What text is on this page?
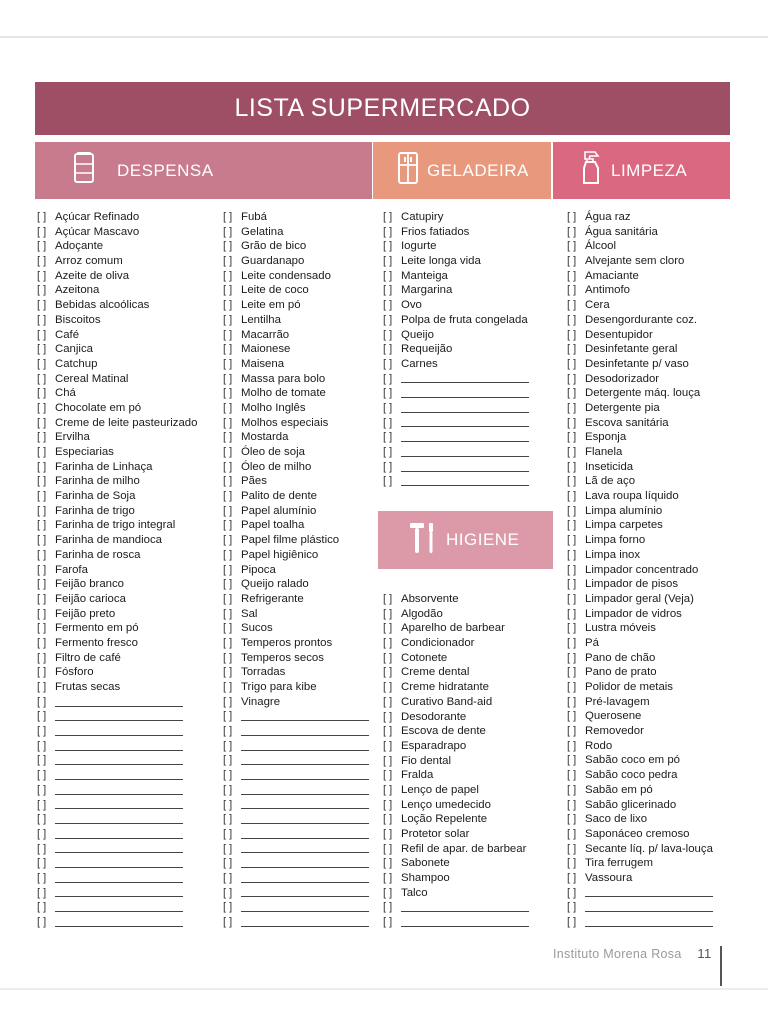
LISTA SUPERMERCADO
DESPENSA	GELADEIRA	LIMPEZA
[ ] Açúcar Refinado
[ ] Açúcar Mascavo
[ ] Adoçante
[ ] Arroz comum
[ ] Azeite de oliva
[ ] Azeitona
[ ] Bebidas alcoólicas
[ ] Biscoitos
[ ] Café
[ ] Canjica
[ ] Catchup
[ ] Cereal Matinal
[ ] Chá
[ ] Chocolate em pó
[ ] Creme de leite pasteurizado
[ ] Ervilha
[ ] Especiarias
[ ] Farinha de Linhaça
[ ] Farinha de milho
[ ] Farinha de Soja
[ ] Farinha de trigo
[ ] Farinha de trigo integral
[ ] Farinha de mandioca
[ ] Farinha de rosca
[ ] Farofa
[ ] Feijão branco
[ ] Feijão carioca
[ ] Feijão preto
[ ] Fermento em pó
[ ] Fermento fresco
[ ] Filtro de café
[ ] Fósforo
[ ] Frutas secas
[ ]
[ ]
[ ]
[ ]
[ ]
[ ]
[ ]
[ ]
[ ]
[ ]
[ ]
[ ]
[ ]
[ ]
[ ]
[ ]
[ ] Fubá
[ ] Gelatina
[ ] Grão de bico
[ ] Guardanapo
[ ] Leite condensado
[ ] Leite de coco
[ ] Leite em pó
[ ] Lentilha
[ ] Macarrão
[ ] Maionese
[ ] Maisena
[ ] Massa para bolo
[ ] Molho de tomate
[ ] Molho Inglês
[ ] Molhos especiais
[ ] Mostarda
[ ] Óleo de soja
[ ] Óleo de milho
[ ] Pães
[ ] Palito de dente
[ ] Papel alumínio
[ ] Papel toalha
[ ] Papel filme plástico
[ ] Papel higiênico
[ ] Pipoca
[ ] Queijo ralado
[ ] Refrigerante
[ ] Sal
[ ] Sucos
[ ] Temperos prontos
[ ] Temperos secos
[ ] Torradas
[ ] Trigo para kibe
[ ] Vinagre
[ ]
[ ]
[ ]
[ ]
[ ]
[ ]
[ ]
[ ]
[ ]
[ ]
[ ]
[ ]
[ ]
[ ]
[ ]
[ ] Catupiry
[ ] Frios fatiados
[ ] Iogurte
[ ] Leite longa vida
[ ] Manteiga
[ ] Margarina
[ ] Ovo
[ ] Polpa de fruta congelada
[ ] Queijo
[ ] Requeijão
[ ] Carnes
[ ]
[ ]
[ ]
[ ]
[ ]
[ ]
[ ]
[ ]
[ ] Água raz
[ ] Água sanitária
[ ] Álcool
[ ] Alvejante sem cloro
[ ] Amaciante
[ ] Antimofo
[ ] Cera
[ ] Desengordurante coz.
[ ] Desentupidor
[ ] Desinfetante geral
[ ] Desinfetante p/ vaso
[ ] Desodorizador
[ ] Detergente máq. louça
[ ] Detergente pia
[ ] Escova sanitária
[ ] Esponja
[ ] Flanela
[ ] Inseticida
[ ] Lã de aço
[ ] Lava roupa líquido
[ ] Limpa alumínio
[ ] Limpa carpetes
[ ] Limpa forno
[ ] Limpa inox
[ ] Limpador concentrado
[ ] Limpador de pisos
[ ] Limpador geral (Veja)
[ ] Limpador de vidros
[ ] Lustra móveis
[ ] Pá
[ ] Pano de chão
[ ] Pano de prato
[ ] Polidor de metais
[ ] Pré-lavagem
[ ] Querosene
[ ] Removedor
[ ] Rodo
[ ] Sabão coco em pó
[ ] Sabão coco pedra
[ ] Sabão em pó
[ ] Sabão glicerinado
[ ] Saco de lixo
[ ] Saponáceo cremoso
[ ] Secante líq. p/ lava-louça
[ ] Tira ferrugem
[ ] Vassoura
[ ]
[ ]
[ ]
HIGIENE
[ ] Absorvente
[ ] Algodão
[ ] Aparelho de barbear
[ ] Condicionador
[ ] Cotonete
[ ] Creme dental
[ ] Creme hidratante
[ ] Curativo Band-aid
[ ] Desodorante
[ ] Escova de dente
[ ] Esparadrapo
[ ] Fio dental
[ ] Fralda
[ ] Lenço de papel
[ ] Lenço umedecido
[ ] Loção Repelente
[ ] Protetor solar
[ ] Refil de apar. de barbear
[ ] Sabonete
[ ] Shampoo
[ ] Talco
[ ]
[ ]
Instituto Morena Rosa 11
